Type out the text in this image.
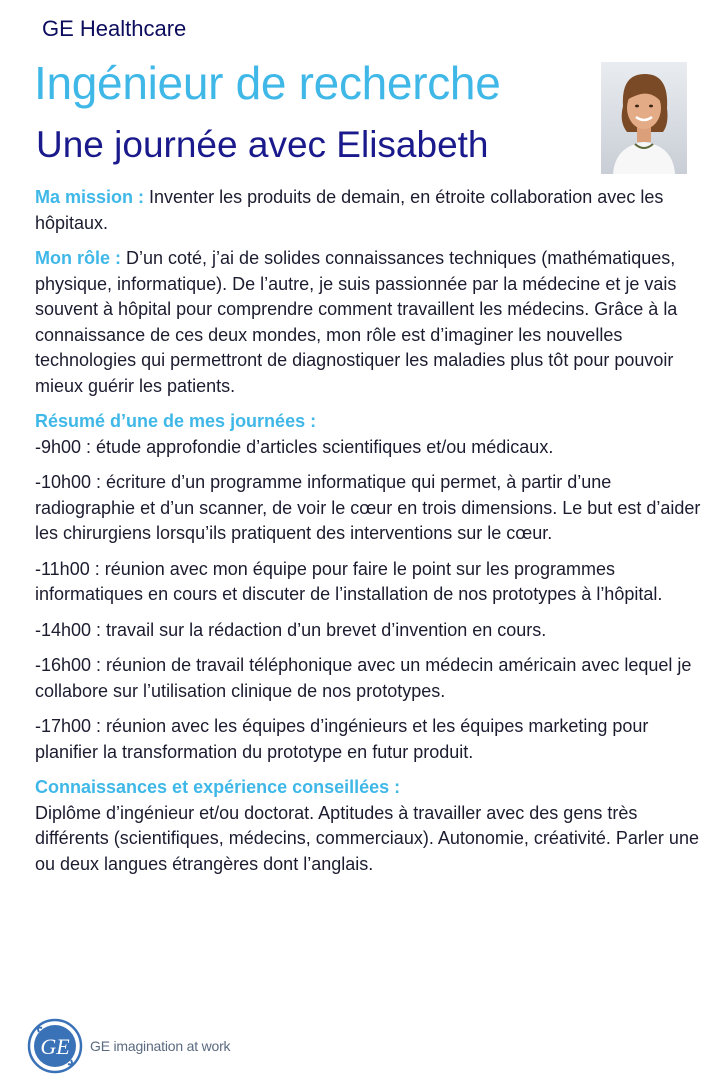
GE Healthcare
Ingénieur de recherche
Une journée avec Elisabeth

Ma mission : Inventer les produits de demain, en étroite collaboration avec les hôpitaux.

Mon rôle : D’un coté, j’ai de solides connaissances techniques (mathématiques, physique, informatique). De l’autre, je suis passionnée par la médecine et je vais souvent à hôpital pour comprendre comment travaillent les médecins. Grâce à la connaissance de ces deux mondes, mon rôle est d’imaginer les nouvelles technologies qui permettront de diagnostiquer les maladies plus tôt pour pouvoir mieux guérir les patients.

Résumé d’une de mes journées :
-9h00 : étude approfondie d’articles scientifiques et/ou médicaux.

-10h00 : écriture d’un programme informatique qui permet, à partir d’une radiographie et d’un scanner, de voir le cœur en trois dimensions. Le but est d’aider les chirurgiens lorsqu’ils pratiquent des interventions sur le cœur.

-11h00 : réunion avec mon équipe pour faire le point sur les programmes informatiques en cours et discuter de l’installation de nos prototypes à l’hôpital.

-14h00 : travail sur la rédaction d’un brevet d’invention en cours.

-16h00 : réunion de travail téléphonique avec un médecin américain avec lequel je collabore sur l’utilisation clinique de nos prototypes.

-17h00 : réunion avec les équipes d’ingénieurs et les équipes marketing pour planifier la transformation du prototype en futur produit.

Connaissances et expérience conseillées :
Diplôme d’ingénieur et/ou doctorat. Aptitudes à travailler avec des gens très différents (scientifiques, médecins, commerciaux). Autonomie, créativité. Parler une ou deux langues étrangères dont l’anglais.

GE GE imagination at work
